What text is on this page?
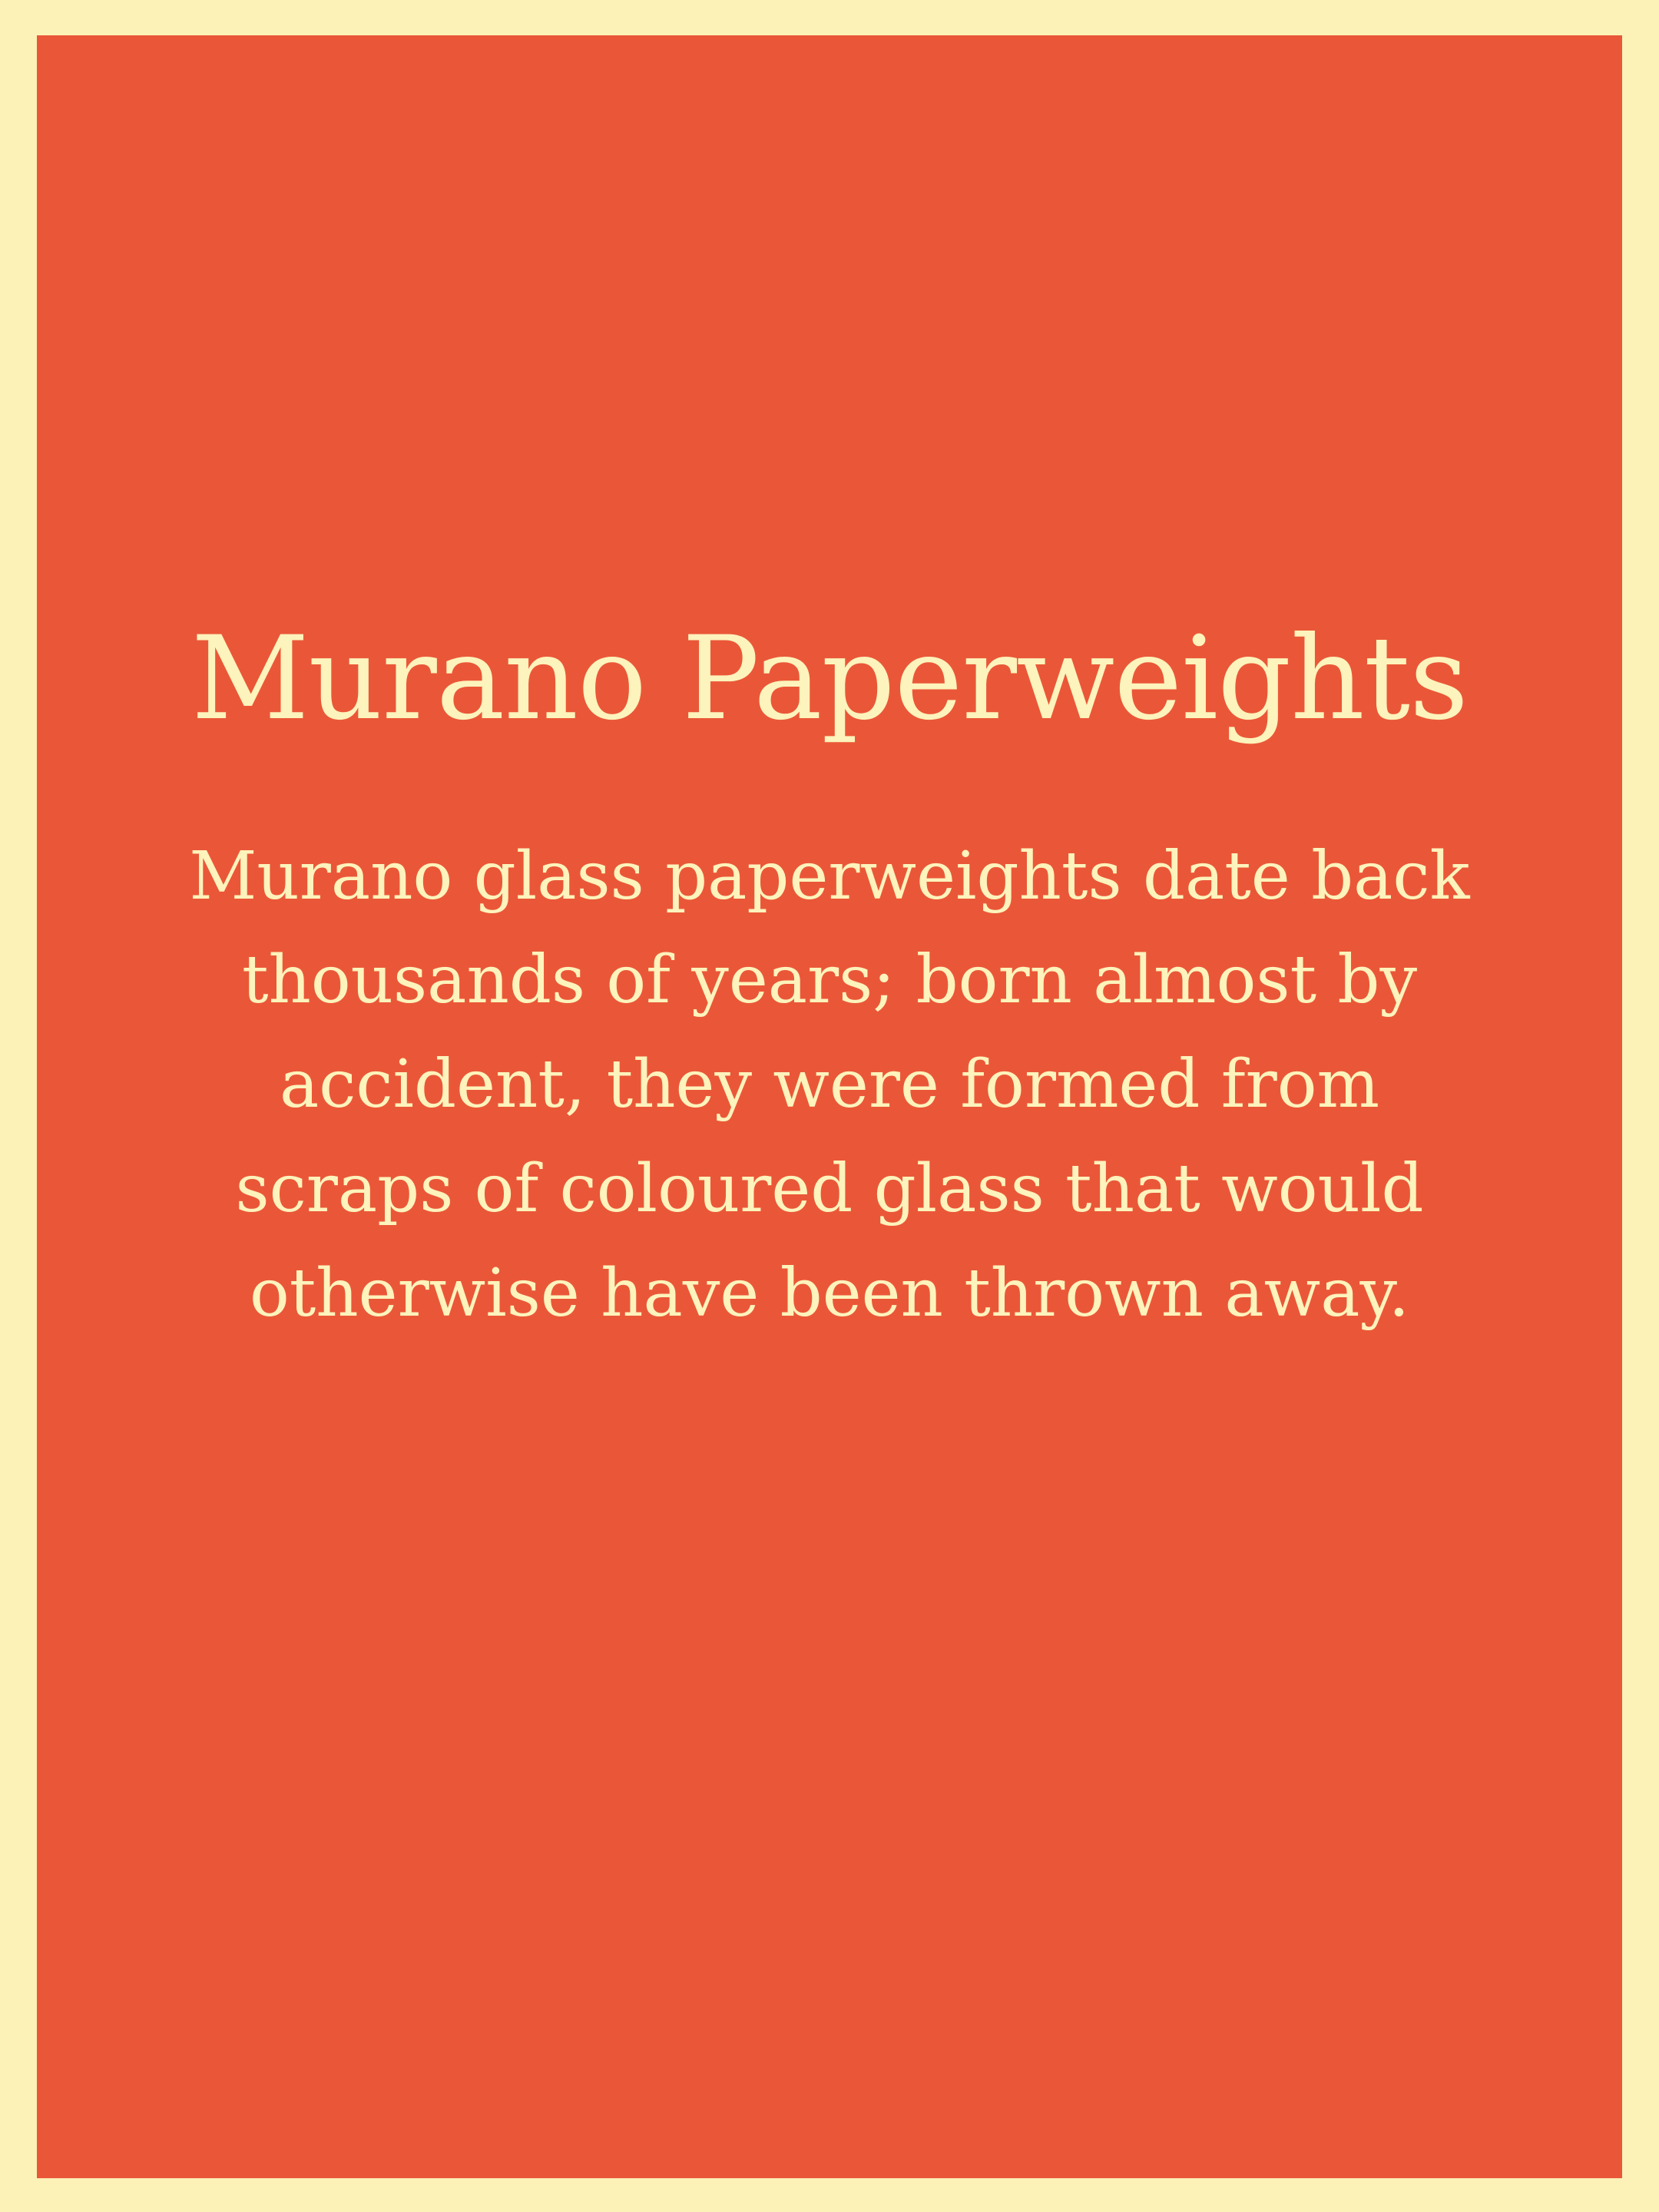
Murano Paperweights

Murano glass paperweights date back thousands of years; born almost by accident, they were formed from scraps of coloured glass that would otherwise have been thrown away.
